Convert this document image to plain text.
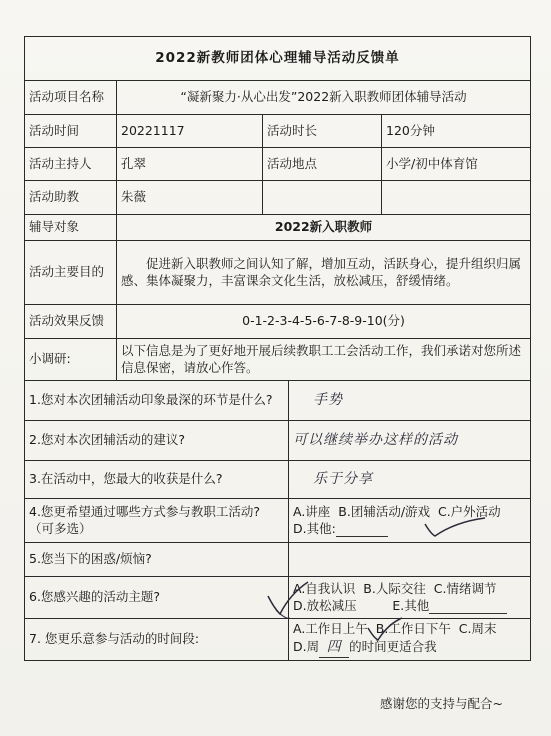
2022新教师团体心理辅导活动反馈单				
活动项目名称	“凝新聚力·从心出发”2022新入职教师团体辅导活动			
活动时间	20221117	活动时长		120分钟
活动主持人	孔翠	活动地点		小学/初中体育馆
活动助教	朱薇			
辅导对象	2022新入职教师			
活动主要目的	促进新入职教师之间认知了解，增加互动，活跃身心，提升组织归属感、集体凝聚力，丰富课余文化生活，放松减压，舒缓情绪。			
活动效果反馈	0-1-2-3-4-5-6-7-8-9-10(分)			
小调研:	以下信息是为了更好地开展后续教职工工会活动工作，我们承诺对您所述信息保密，请放心作答。			
1.您对本次团辅活动印象最深的环节是什么?			手势	
2.您对本次团辅活动的建议?			可以继续举办这样的活动	
3.在活动中，您最大的收获是什么?			乐于分享	
4.您更希望通过哪些方式参与教职工活动?（可多选）			A.讲座 B.团辅活动/游戏 C.户外活动
D.其他:	

5.您当下的困惑/烦恼?				
6.您感兴趣的活动主题?			A.自我认识 B.人际交往 C.情绪调节
D.放松减压 E.其他	

7. 您更乐意参与活动的时间段:			A.工作日上午 B.工作日下午 C.周末
D.周 四 的时间更适合我	
感谢您的支持与配合~
